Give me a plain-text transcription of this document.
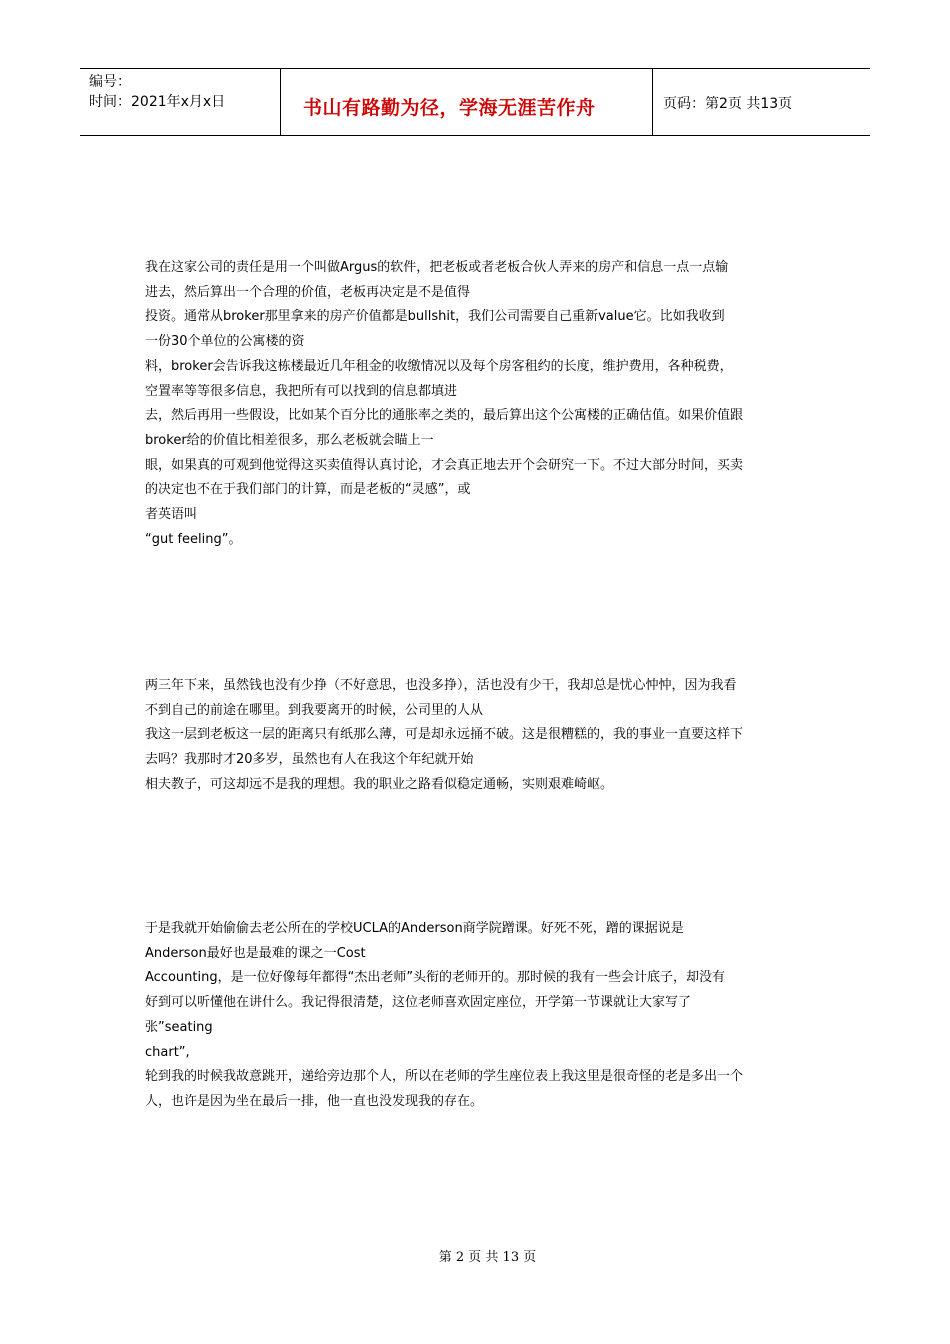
编号：
时间：2021年x月x日	书山有路勤为径，学海无涯苦作舟	页码：第2页 共13页
我在这家公司的责任是用一个叫做Argus的软件，把老板或者老板合伙人弄来的房产和信息一点一点输
进去，然后算出一个合理的价值，老板再决定是不是值得
投资。通常从broker那里拿来的房产价值都是bullshit，我们公司需要自己重新value它。比如我收到
一份30个单位的公寓楼的资
料，broker会告诉我这栋楼最近几年租金的收缴情况以及每个房客租约的长度，维护费用，各种税费，
空置率等等很多信息，我把所有可以找到的信息都填进
去，然后再用一些假设，比如某个百分比的通胀率之类的，最后算出这个公寓楼的正确估值。如果价值跟
broker给的价值比相差很多，那么老板就会瞄上一
眼，如果真的可观到他觉得这买卖值得认真讨论，才会真正地去开个会研究一下。不过大部分时间，买卖
的决定也不在于我们部门的计算，而是老板的“灵感”，或
者英语叫
“gut feeling”。
两三年下来，虽然钱也没有少挣（不好意思，也没多挣），活也没有少干，我却总是忧心忡忡，因为我看
不到自己的前途在哪里。到我要离开的时候，公司里的人从
我这一层到老板这一层的距离只有纸那么薄，可是却永远捅不破。这是很糟糕的，我的事业一直要这样下
去吗？我那时才20多岁，虽然也有人在我这个年纪就开始
相夫教子，可这却远不是我的理想。我的职业之路看似稳定通畅，实则艰难崎岖。
于是我就开始偷偷去老公所在的学校UCLA的Anderson商学院蹭课。好死不死，蹭的课据说是
Anderson最好也是最难的课之一Cost
Accounting，是一位好像每年都得“杰出老师”头衔的老师开的。那时候的我有一些会计底子，却没有
好到可以听懂他在讲什么。我记得很清楚，这位老师喜欢固定座位，开学第一节课就让大家写了
张”seating
chart”,
轮到我的时候我故意跳开，递给旁边那个人，所以在老师的学生座位表上我这里是很奇怪的老是多出一个
人，也许是因为坐在最后一排，他一直也没发现我的存在。
第 2 页 共 13 页
